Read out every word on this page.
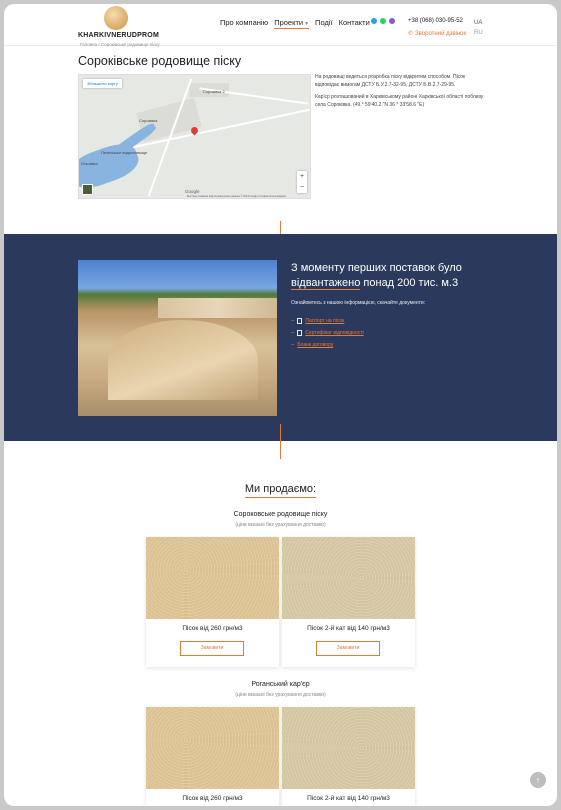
KHARKIVNERUDPROM
Про компанію Проекти▼ Події Контакти	+38 (068) 030-95-52
✆ Зворотний дзвінок
UA
RU
Головна / Сороківське родовище піску
Сороківське родовище піску
Збільшити карту
Сороківка 2
Сороківка
Печенізьке водосховище
Ольхівка
+
−
Google
Быстрые клавиши Картографические данные © 2023 Google Условия использования

На родовищі ведеться розробка піску відкритим способом. Пісок відповідає вимогам ДСТУ Б.У.2.7-32-95, ДСТУ Б.В.2.7-29-95.

Кар'єр розташований в Харківському районі Харківської області поблизу села Сороківка. (49.° 59'40.2 "N 36 ° 33'58.6 "E)

З моменту перших поставок було
відвантажено понад 200 тис. м.3
Ознайомтесь з нашою інформацією, скачайте документи:
– Паспорт на пісок
– Сертифікат відповідності
– Бланк договору
Ми продаємо:
Сороковське родовище піску
(ціни вказані без урахування доставки)
Пісок від 260 грн/м3
Замовити
Пісок 2-й кат від 140 грн/м3
Замовити
Роганський кар'єр
(ціни вказані без урахування доставки)
Пісок від 260 грн/м3	Пісок 2-й кат від 140 грн/м3
↑
